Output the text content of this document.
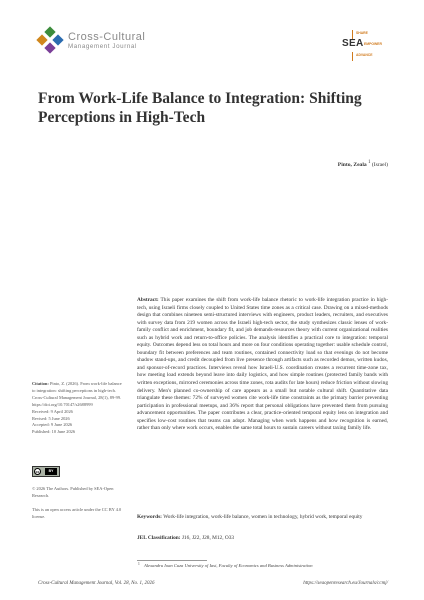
Cross-Cultural
Management Journal
SHARE
SEA EMPOWER
ADVANCE
From Work-Life Balance to Integration: Shifting Perceptions in High-Tech
Pinto, Zeala $^1$ (Israel)
Citation: Pinto, Z. (2026). From work-life balance to integration: shifting perceptions in high-tech. Cross-Cultural Management Journal, 28(1), 89-99. https://doi.org/10.70147/s2688999
Received: 9 April 2026
Revised: 5 June 2026
Accepted: 9 June 2026
Published: 10 June 2026
cc	BY
© 2026 The Authors. Published by SEA-Open Research.
This is an open access article under the CC BY 4.0 license.
Abstract: This paper examines the shift from work-life balance rhetoric to work-life integration practice in high-tech, using Israeli firms closely coupled to United States time zones as a critical case. Drawing on a mixed-methods design that combines nineteen semi-structured interviews with engineers, product leaders, recruiters, and executives with survey data from 219 women across the Israeli high-tech sector, the study synthesizes classic lenses of work-family conflict and enrichment, boundary fit, and job demands-resources theory with current organizational realities such as hybrid work and return-to-office policies. The analysis identifies a practical core to integration: temporal equity. Outcomes depend less on total hours and more on four conditions operating together: usable schedule control, boundary fit between preferences and team routines, contained connectivity load so that evenings do not become shadow stand-ups, and credit decoupled from live presence through artifacts such as recorded demos, written kudos, and sponsor-of-record practices. Interviews reveal how Israeli-U.S. coordination creates a recurrent time-zone tax, how meeting load extends beyond leave into daily logistics, and how simple routines (protected family bands with written exceptions, mirrored ceremonies across time zones, rota audits for late hours) reduce friction without slowing delivery. Men's planned co-ownership of care appears as a small but notable cultural shift. Quantitative data triangulate these themes: 72% of surveyed women cite work-life time constraints as the primary barrier preventing participation in professional meetups, and 36% report that personal obligations have prevented them from pursuing advancement opportunities. The paper contributes a clear, practice-oriented temporal equity lens on integration and specifies low-cost routines that teams can adopt. Managing when work happens and how recognition is earned, rather than only where work occurs, enables the same total hours to sustain careers without taxing family life.
Keywords: Work-life integration, work-life balance, women in technology, hybrid work, temporal equity
JEL Classification: J16, J22, J28, M12, O33
1 Alexandru Ioan Cuza University of Iasi, Faculty of Economics and Business Administration
Cross-Cultural Management Journal, Vol. 28, No. 1, 2026	https://seaopenresearch.eu/Journals/ccmj/
